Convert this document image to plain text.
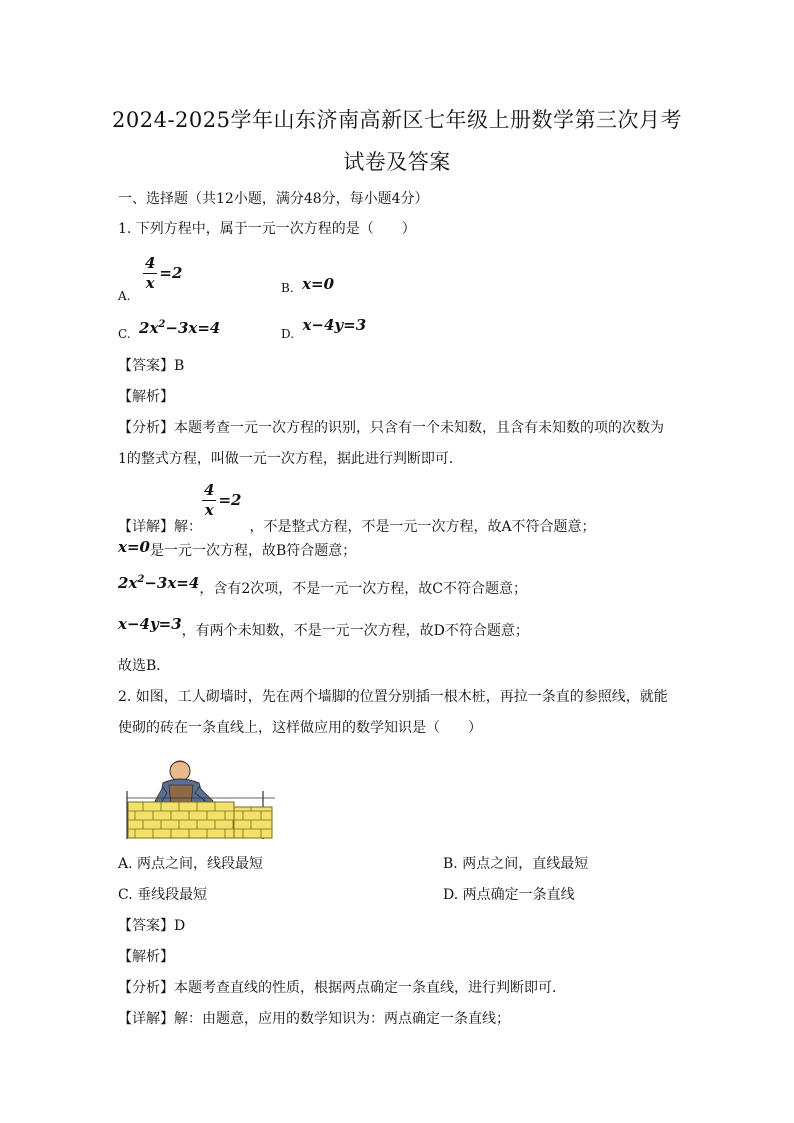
2024-2025学年山东济南高新区七年级上册数学第三次月考
试卷及答案
一、选择题（共12小题，满分48分，每小题4分）
1. 下列方程中，属于一元一次方程的是（　　）
A.
$\frac{4}{x} =2$
B. x=0
C. $2x^2-3x=4$	D. x−4y=3
【答案】B
【解析】
【分析】本题考查一元一次方程的识别，只含有一个未知数，且含有未知数的项的次数为
1的整式方程，叫做一元一次方程，据此进行判断即可．
【详解】解：
$\frac{4}{x} =2$，不是整式方程，不是一元一次方程，故A不符合题意；
x=0是一元一次方程，故B符合题意；
$2x^2-3x=4$，含有2次项，不是一元一次方程，故C不符合题意；
x−4y=3，有两个未知数，不是一元一次方程，故D不符合题意；
故选B．
2. 如图，工人砌墙时，先在两个墙脚的位置分别插一根木桩，再拉一条直的参照线，就能
使砌的砖在一条直线上，这样做应用的数学知识是（　　）
A. 两点之间，线段最短	B. 两点之间，直线最短
C. 垂线段最短	D. 两点确定一条直线
【答案】D
【解析】
【分析】本题考查直线的性质，根据两点确定一条直线，进行判断即可．
【详解】解：由题意，应用的数学知识为：两点确定一条直线；
